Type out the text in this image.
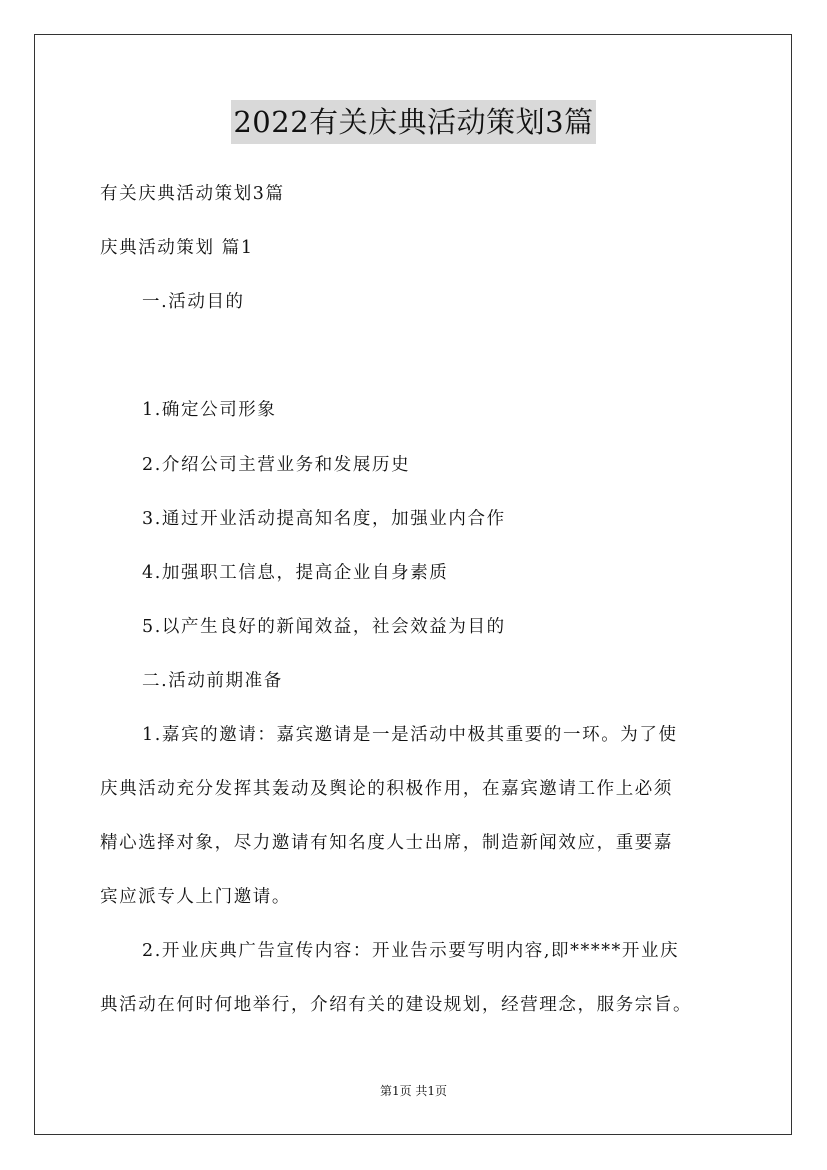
2022有关庆典活动策划3篇

有关庆典活动策划3篇

庆典活动策划 篇1

一.活动目的

1.确定公司形象

2.介绍公司主营业务和发展历史

3.通过开业活动提高知名度，加强业内合作

4.加强职工信息，提高企业自身素质

5.以产生良好的新闻效益，社会效益为目的

二.活动前期准备

1.嘉宾的邀请：嘉宾邀请是一是活动中极其重要的一环。为了使

庆典活动充分发挥其轰动及舆论的积极作用，在嘉宾邀请工作上必须

精心选择对象，尽力邀请有知名度人士出席，制造新闻效应，重要嘉

宾应派专人上门邀请。

2.开业庆典广告宣传内容：开业告示要写明内容,即*****开业庆

典活动在何时何地举行，介绍有关的建设规划，经营理念，服务宗旨。

第1页 共1页
